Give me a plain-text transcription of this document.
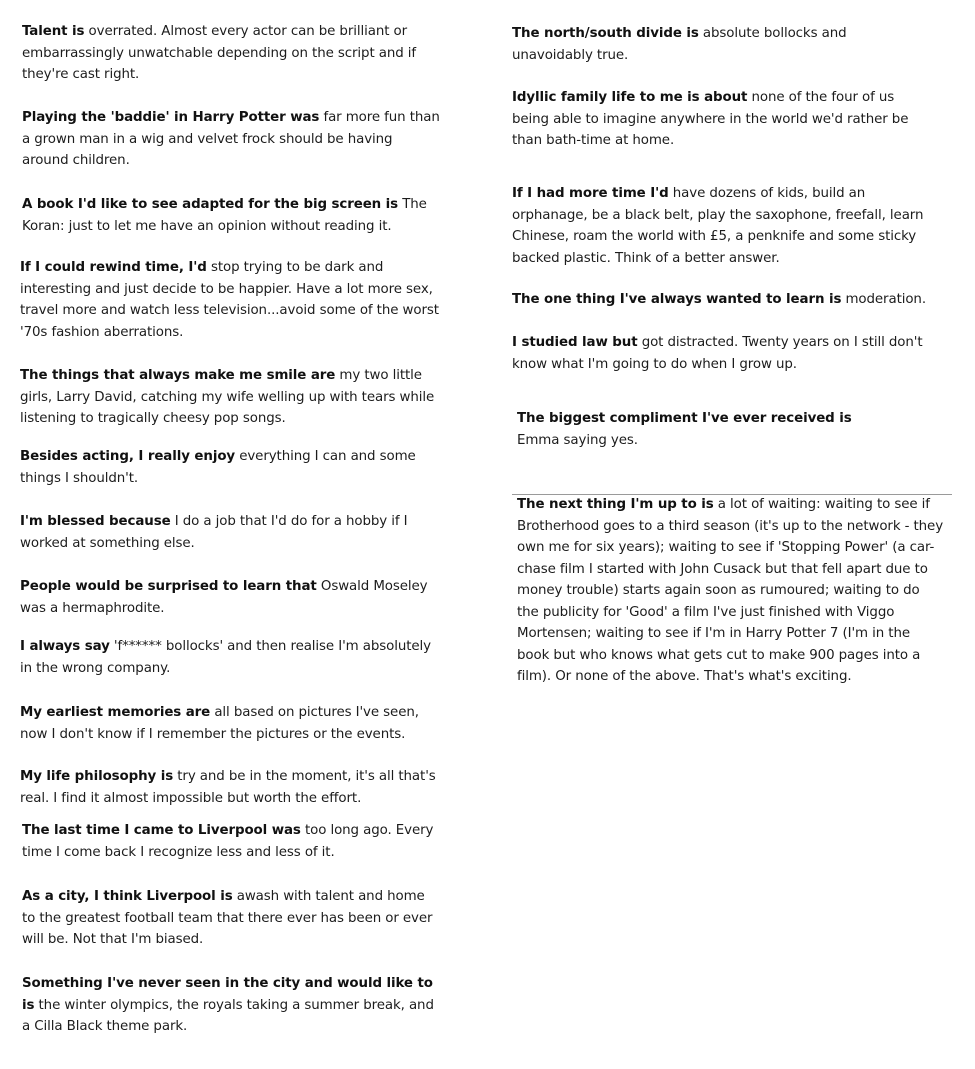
Talent is overrated. Almost every actor can be brilliant or embarrassingly unwatchable depending on the script and if they're cast right.

Playing the 'baddie' in Harry Potter was far more fun than a grown man in a wig and velvet frock should be having around children.

A book I'd like to see adapted for the big screen is The Koran: just to let me have an opinion without reading it.

If I could rewind time, I'd stop trying to be dark and interesting and just decide to be happier. Have a lot more sex, travel more and watch less television...avoid some of the worst '70s fashion aberrations.

The things that always make me smile are my two little girls, Larry David, catching my wife welling up with tears while listening to tragically cheesy pop songs.

Besides acting, I really enjoy everything I can and some things I shouldn't.

I'm blessed because I do a job that I'd do for a hobby if I worked at something else.

People would be surprised to learn that Oswald Moseley was a hermaphrodite.

I always say 'f****** bollocks' and then realise I'm absolutely in the wrong company.

My earliest memories are all based on pictures I've seen, now I don't know if I remember the pictures or the events.

My life philosophy is try and be in the moment, it's all that's real. I find it almost impossible but worth the effort.

The last time I came to Liverpool was too long ago. Every time I come back I recognize less and less of it.

As a city, I think Liverpool is awash with talent and home to the greatest football team that there ever has been or ever will be. Not that I'm biased.

Something I've never seen in the city and would like to is the winter olympics, the royals taking a summer break, and a Cilla Black theme park.

The north/south divide is absolute bollocks and unavoidably true.

Idyllic family life to me is about none of the four of us being able to imagine anywhere in the world we'd rather be than bath-time at home.

If I had more time I'd have dozens of kids, build an orphanage, be a black belt, play the saxophone, freefall, learn Chinese, roam the world with £5, a penknife and some sticky backed plastic. Think of a better answer.

The one thing I've always wanted to learn is moderation.

I studied law but got distracted. Twenty years on I still don't know what I'm going to do when I grow up.

The biggest compliment I've ever received is Emma saying yes.

The next thing I'm up to is a lot of waiting: waiting to see if Brotherhood goes to a third season (it's up to the network - they own me for six years); waiting to see if 'Stopping Power' (a car-chase film I started with John Cusack but that fell apart due to money trouble) starts again soon as rumoured; waiting to do the publicity for 'Good' a film I've just finished with Viggo Mortensen; waiting to see if I'm in Harry Potter 7 (I'm in the book but who knows what gets cut to make 900 pages into a film). Or none of the above. That's what's exciting.
